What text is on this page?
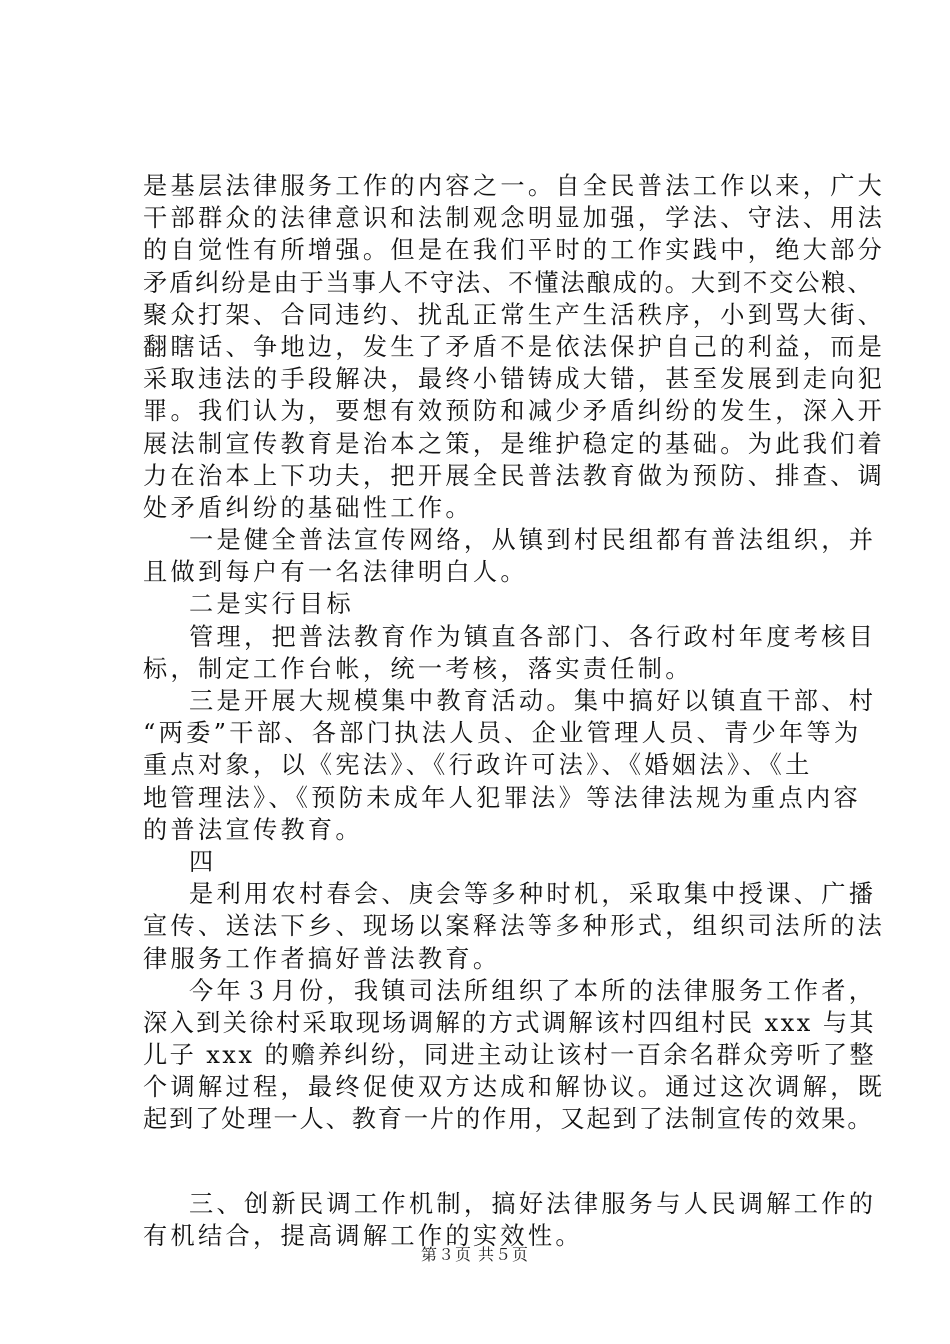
是基层法律服务工作的内容之一。自全民普法工作以来，广大
干部群众的法律意识和法制观念明显加强，学法、守法、用法
的自觉性有所增强。但是在我们平时的工作实践中，绝大部分
矛盾纠纷是由于当事人不守法、不懂法酿成的。大到不交公粮、
聚众打架、合同违约、扰乱正常生产生活秩序，小到骂大街、
翻瞎话、争地边，发生了矛盾不是依法保护自己的利益，而是
采取违法的手段解决，最终小错铸成大错，甚至发展到走向犯
罪。我们认为，要想有效预防和减少矛盾纠纷的发生，深入开
展法制宣传教育是治本之策，是维护稳定的基础。为此我们着
力在治本上下功夫，把开展全民普法教育做为预防、排查、调
处矛盾纠纷的基础性工作。
一是健全普法宣传网络，从镇到村民组都有普法组织，并
且做到每户有一名法律明白人。
二是实行目标
管理，把普法教育作为镇直各部门、各行政村年度考核目
标，制定工作台帐，统一考核，落实责任制。
三是开展大规模集中教育活动。集中搞好以镇直干部、村
“两委”干部、各部门执法人员、企业管理人员、青少年等为
重点对象，以《宪法》、《行政许可法》、《婚姻法》、《土
地管理法》、《预防未成年人犯罪法》等法律法规为重点内容
的普法宣传教育。
四
是利用农村春会、庚会等多种时机，采取集中授课、广播
宣传、送法下乡、现场以案释法等多种形式，组织司法所的法
律服务工作者搞好普法教育。
今年３月份，我镇司法所组织了本所的法律服务工作者，
深入到关徐村采取现场调解的方式调解该村四组村民 xxx 与其
儿子 xxx 的赡养纠纷，同进主动让该村一百余名群众旁听了整
个调解过程，最终促使双方达成和解协议。通过这次调解，既
起到了处理一人、教育一片的作用，又起到了法制宣传的效果。
三、创新民调工作机制，搞好法律服务与人民调解工作的
有机结合，提高调解工作的实效性。
第３页 共５页
